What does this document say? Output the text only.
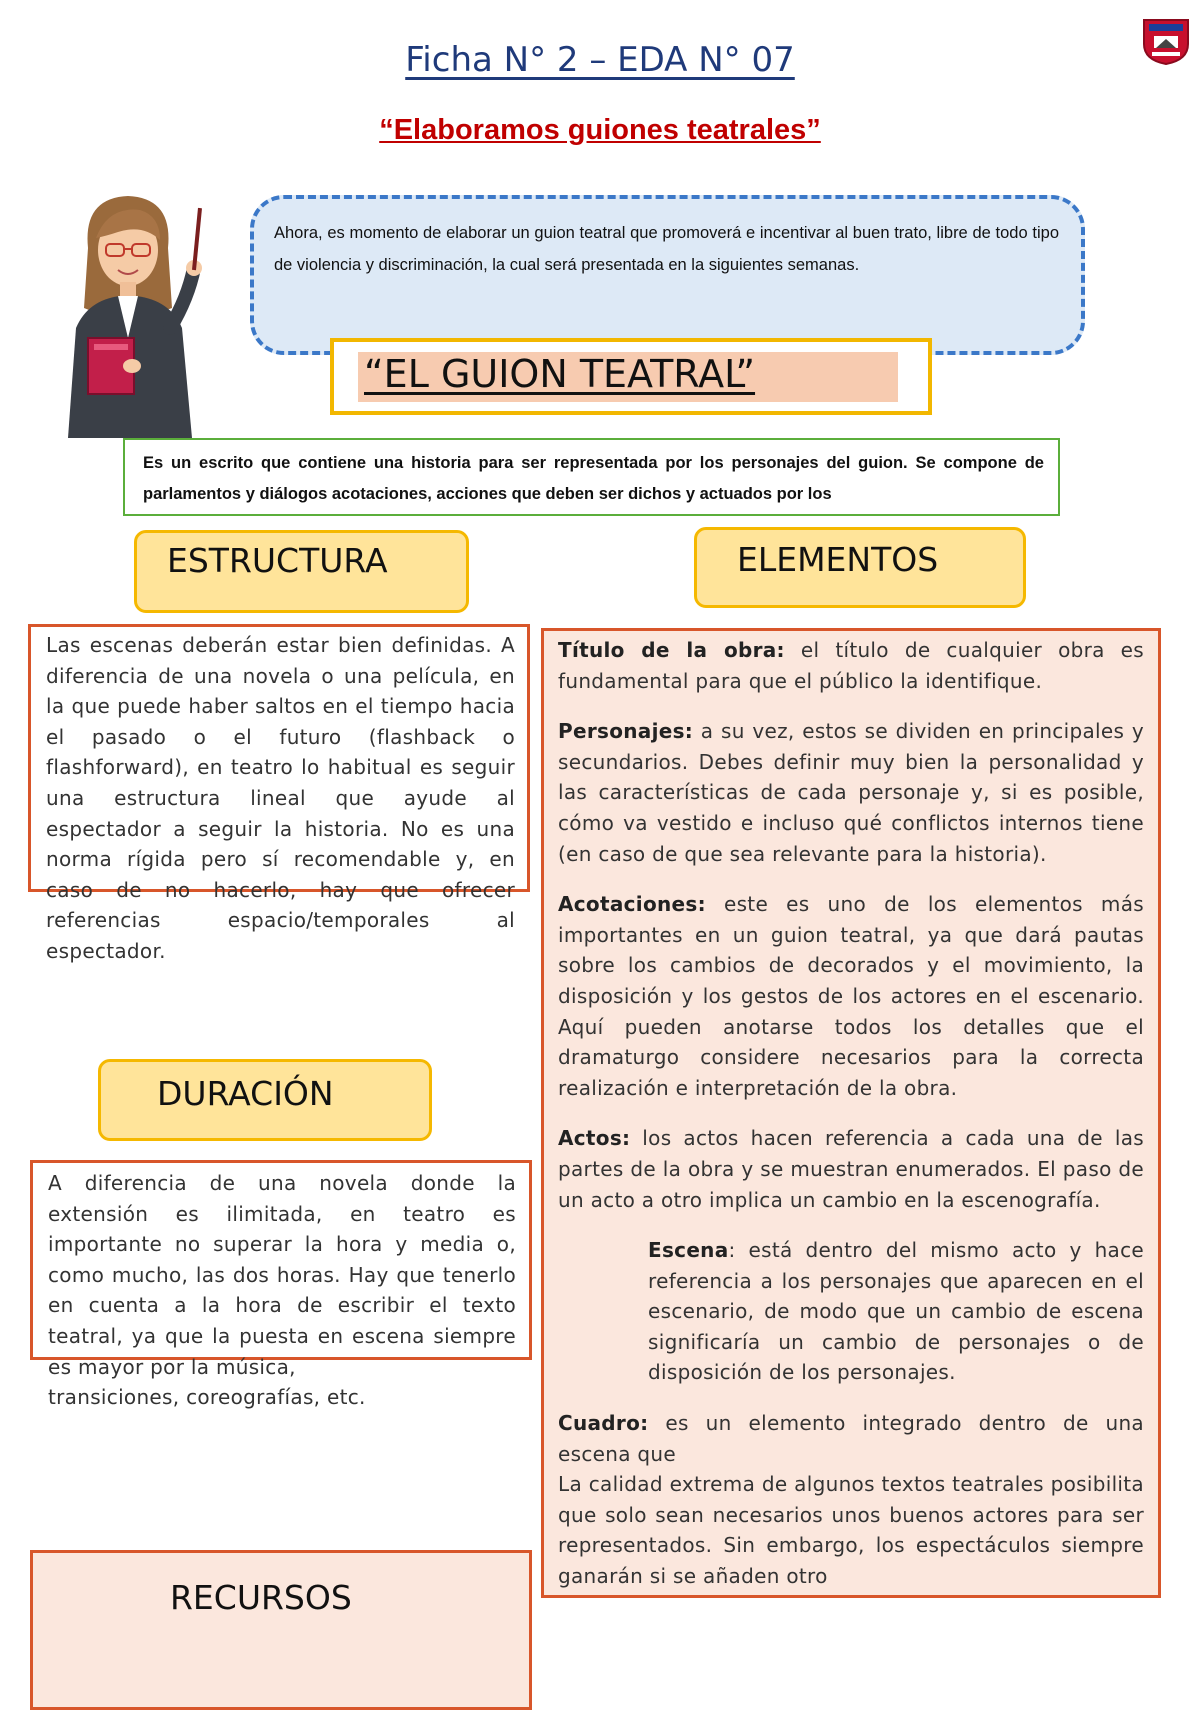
Ficha N° 2 – EDA N° 07
“Elaboramos guiones teatrales”
Ahora, es momento de elaborar un guion teatral que promoverá e incentivar al buen trato, libre de todo tipo de violencia y discriminación, la cual será presentada en la siguientes semanas.
“EL GUION TEATRAL”
Es un escrito que contiene una historia para ser representada por los personajes del guion. Se compone de parlamentos y diálogos acotaciones, acciones que deben ser dichos y actuados por los
ESTRUCTURA	ELEMENTOS
DURACIÓN
Las escenas deberán estar bien definidas. A diferencia de una novela o una película, en la que puede haber saltos en el tiempo hacia el pasado o el futuro (flashback o flashforward), en teatro lo habitual es seguir una estructura lineal que ayude al espectador a seguir la historia. No es una norma rígida pero sí recomendable y, en caso de no hacerlo, hay que ofrecer referencias espacio/temporales al espectador.
A diferencia de una novela donde la extensión es ilimitada, en teatro es importante no superar la hora y media o, como mucho, las dos horas. Hay que tenerlo en cuenta a la hora de escribir el texto teatral, ya que la puesta en escena siempre es mayor por la música,
transiciones, coreografías, etc.

Título de la obra: el título de cualquier obra es fundamental para que el público la identifique.

Personajes: a su vez, estos se dividen en principales y secundarios. Debes definir muy bien la personalidad y las características de cada personaje y, si es posible, cómo va vestido e incluso qué conflictos internos tiene (en caso de que sea relevante para la historia).

Acotaciones: este es uno de los elementos más importantes en un guion teatral, ya que dará pautas sobre los cambios de decorados y el movimiento, la disposición y los gestos de los actores en el escenario. Aquí pueden anotarse todos los detalles que el dramaturgo considere necesarios para la correcta realización e interpretación de la obra.

Actos: los actos hacen referencia a cada una de las partes de la obra y se muestran enumerados. El paso de un acto a otro implica un cambio en la escenografía.

Escena: está dentro del mismo acto y hace referencia a los personajes que aparecen en el escenario, de modo que un cambio de escena significaría un cambio de personajes o de disposición de los personajes.

Cuadro: es un elemento integrado dentro de una escena que

La calidad extrema de algunos textos teatrales posibilita que solo sean necesarios unos buenos actores para ser representados. Sin embargo, los espectáculos siempre ganarán si se añaden otro

RECURSOS
